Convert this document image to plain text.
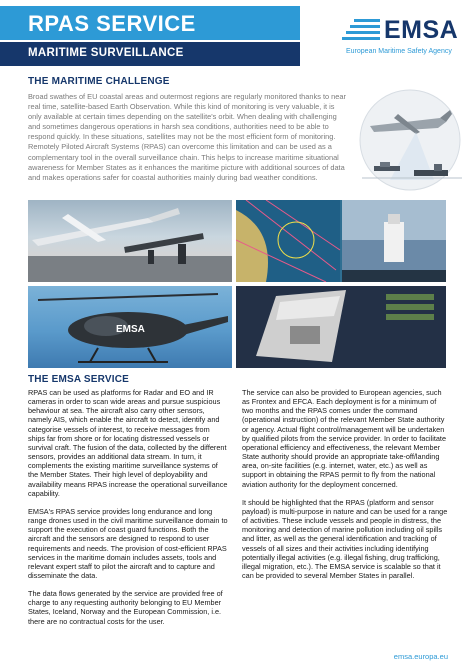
RPAS SERVICE
MARITIME SURVEILLANCE
EMSA
European Maritime Safety Agency
THE MARITIME CHALLENGE
Broad swathes of EU coastal areas and outermost regions are regularly monitored thanks to near real time, satellite-based Earth Observation. While this kind of monitoring is very valuable, it is only available at certain times depending on the satellite's orbit. When dealing with challenging and sometimes dangerous operations in harsh sea conditions, authorities need to be able to respond quickly. In these situations, satellites may not be the most efficient form of monitoring. Remotely Piloted Aircraft Systems (RPAS) can overcome this limitation and can be used as a complementary tool in the overall surveillance chain. This helps to increase maritime situational awareness for Member States as it enhances the maritime picture with additional sources of data and makes operations safer for coastal authorities mainly during bad weather conditions.
EMSA
THE EMSA SERVICE

RPAS can be used as platforms for Radar and EO and IR cameras in order to scan wide areas and pursue suspicious behaviour at sea. The aircraft also carry other sensors, namely AIS, which enable the aircraft to detect, identify and categorise vessels of interest, to receive messages from ships far from shore or for locating distressed vessels or survival craft. The fusion of the data, collected by the different sensors, provides an additional data stream. In turn, it complements the existing maritime surveillance systems of the Member States. Their high level of deployability and availability means RPAS increase the operational surveillance capability.

EMSA's RPAS service provides long endurance and long range drones used in the civil maritime surveillance domain to support the execution of coast guard functions. Both the aircraft and the sensors are designed to respond to user requirements and needs. The provision of cost-efficient RPAS services in the maritime domain includes assets, tools and relevant expert staff to pilot the aircraft and to capture and disseminate the data.

The data flows generated by the service are provided free of charge to any requesting authority belonging to EU Member States, Iceland, Norway and the European Commission, i.e. there are no contractual costs for the user.

The service can also be provided to European agencies, such as Frontex and EFCA. Each deployment is for a minimum of two months and the RPAS comes under the command (operational instruction) of the relevant Member State authority or agency. Actual flight control/management will be undertaken by qualified pilots from the service provider. In order to facilitate operational efficiency and effectiveness, the relevant Member State authority should provide an appropriate take-off/landing area, on-site facilities (e.g. internet, water, etc.) as well as support in obtaining the RPAS permit to fly from the national aviation authority for the deployment concerned.

It should be highlighted that the RPAS (platform and sensor payload) is multi-purpose in nature and can be used for a range of activities. These include vessels and people in distress, the monitoring and detection of marine pollution including oil spills and litter, as well as the general identification and tracking of vessels of all sizes and their activities including identifying potentially illegal activities (e.g. illegal fishing, drug trafficking, illegal migration, etc.). The EMSA service is scalable so that it can be provided to several Member States in parallel.

emsa.europa.eu
